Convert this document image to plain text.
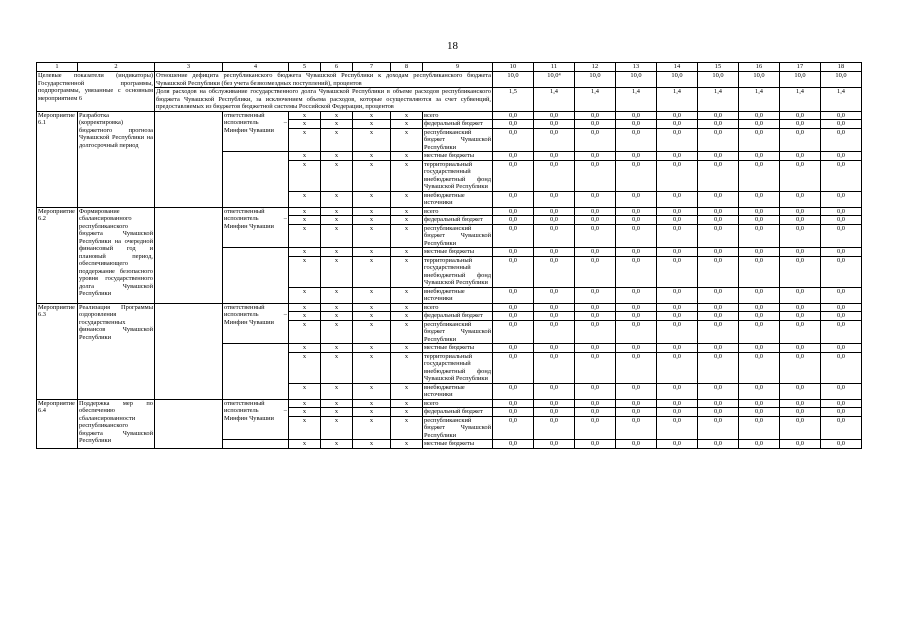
18
1	2	3	4	5	6	7	8	9	10	11	12	13	14	15	16	17	18
Целевые показатели (индикаторы) Государственной программы, подпрограммы, увязанные с основным мероприятием 6		Отношение дефицита республиканского бюджета Чувашской Республики к доходам республиканского бюджета Чувашской Республики (без учета безвозмездных поступлений), процентов							10,0	10,0⁴	10,0	10,0	10,0	10,0	10,0	10,0	10,0
		Доля расходов на обслуживание государственного долга Чувашской Республики в объеме расходов республиканского бюджета Чувашской Республики, за исключением объема расходов, которые осуществляются за счет субвенций, предоставляемых из бюджетов бюджетной системы Российской Федерации, процентов							1,5	1,4	1,4	1,4	1,4	1,4	1,4	1,4	1,4
Мероприятие 6.1	Разработка (корректировка) бюджетного прогноза Чувашской Республики на долгосрочный период		ответственный исполнитель – Минфин Чувашии	x	x	x	x	всего	0,0	0,0	0,0	0,0	0,0	0,0	0,0	0,0	0,0
				x	x	x	x	федеральный бюджет	0,0	0,0	0,0	0,0	0,0	0,0	0,0	0,0	0,0
				x	x	x	x	республиканский бюджет Чувашской Республики	0,0	0,0	0,0	0,0	0,0	0,0	0,0	0,0	0,0
				x	x	x	x	местные бюджеты	0,0	0,0	0,0	0,0	0,0	0,0	0,0	0,0	0,0
				x	x	x	x	территориальный государственный внебюджетный фонд Чувашской Республики	0,0	0,0	0,0	0,0	0,0	0,0	0,0	0,0	0,0
				x	x	x	x	внебюджетные источники	0,0	0,0	0,0	0,0	0,0	0,0	0,0	0,0	0,0
Мероприятие 6.2	Формирование сбалансированного республиканского бюджета Чувашской Республики на очередной финансовый год и плановый период, обеспечивающего поддержание безопасного уровня государственного долга Чувашской Республики		ответственный исполнитель – Минфин Чувашии	x	x	x	x	всего	0,0	0,0	0,0	0,0	0,0	0,0	0,0	0,0	0,0
				x	x	x	x	федеральный бюджет	0,0	0,0	0,0	0,0	0,0	0,0	0,0	0,0	0,0
				x	x	x	x	республиканский бюджет Чувашской Республики	0,0	0,0	0,0	0,0	0,0	0,0	0,0	0,0	0,0
				x	x	x	x	местные бюджеты	0,0	0,0	0,0	0,0	0,0	0,0	0,0	0,0	0,0
				x	x	x	x	территориальный государственный внебюджетный фонд Чувашской Республики	0,0	0,0	0,0	0,0	0,0	0,0	0,0	0,0	0,0
				x	x	x	x	внебюджетные источники	0,0	0,0	0,0	0,0	0,0	0,0	0,0	0,0	0,0
Мероприятие 6.3	Реализация Программы оздоровления государственных финансов Чувашской Республики		ответственный исполнитель – Минфин Чувашии	x	x	x	x	всего	0,0	0,0	0,0	0,0	0,0	0,0	0,0	0,0	0,0
				x	x	x	x	федеральный бюджет	0,0	0,0	0,0	0,0	0,0	0,0	0,0	0,0	0,0
				x	x	x	x	республиканский бюджет Чувашской Республики	0,0	0,0	0,0	0,0	0,0	0,0	0,0	0,0	0,0
				x	x	x	x	местные бюджеты	0,0	0,0	0,0	0,0	0,0	0,0	0,0	0,0	0,0
				x	x	x	x	территориальный государственный внебюджетный фонд Чувашской Республики	0,0	0,0	0,0	0,0	0,0	0,0	0,0	0,0	0,0
				x	x	x	x	внебюджетные источники	0,0	0,0	0,0	0,0	0,0	0,0	0,0	0,0	0,0
Мероприятие 6.4	Поддержка мер по обеспечению сбалансированности республиканского бюджета Чувашской Республики		ответственный исполнитель – Минфин Чувашии	x	x	x	x	всего	0,0	0,0	0,0	0,0	0,0	0,0	0,0	0,0	0,0
				x	x	x	x	федеральный бюджет	0,0	0,0	0,0	0,0	0,0	0,0	0,0	0,0	0,0
				x	x	x	x	республиканский бюджет Чувашской Республики	0,0	0,0	0,0	0,0	0,0	0,0	0,0	0,0	0,0
				x	x	x	x	местные бюджеты	0,0	0,0	0,0	0,0	0,0	0,0	0,0	0,0	0,0
